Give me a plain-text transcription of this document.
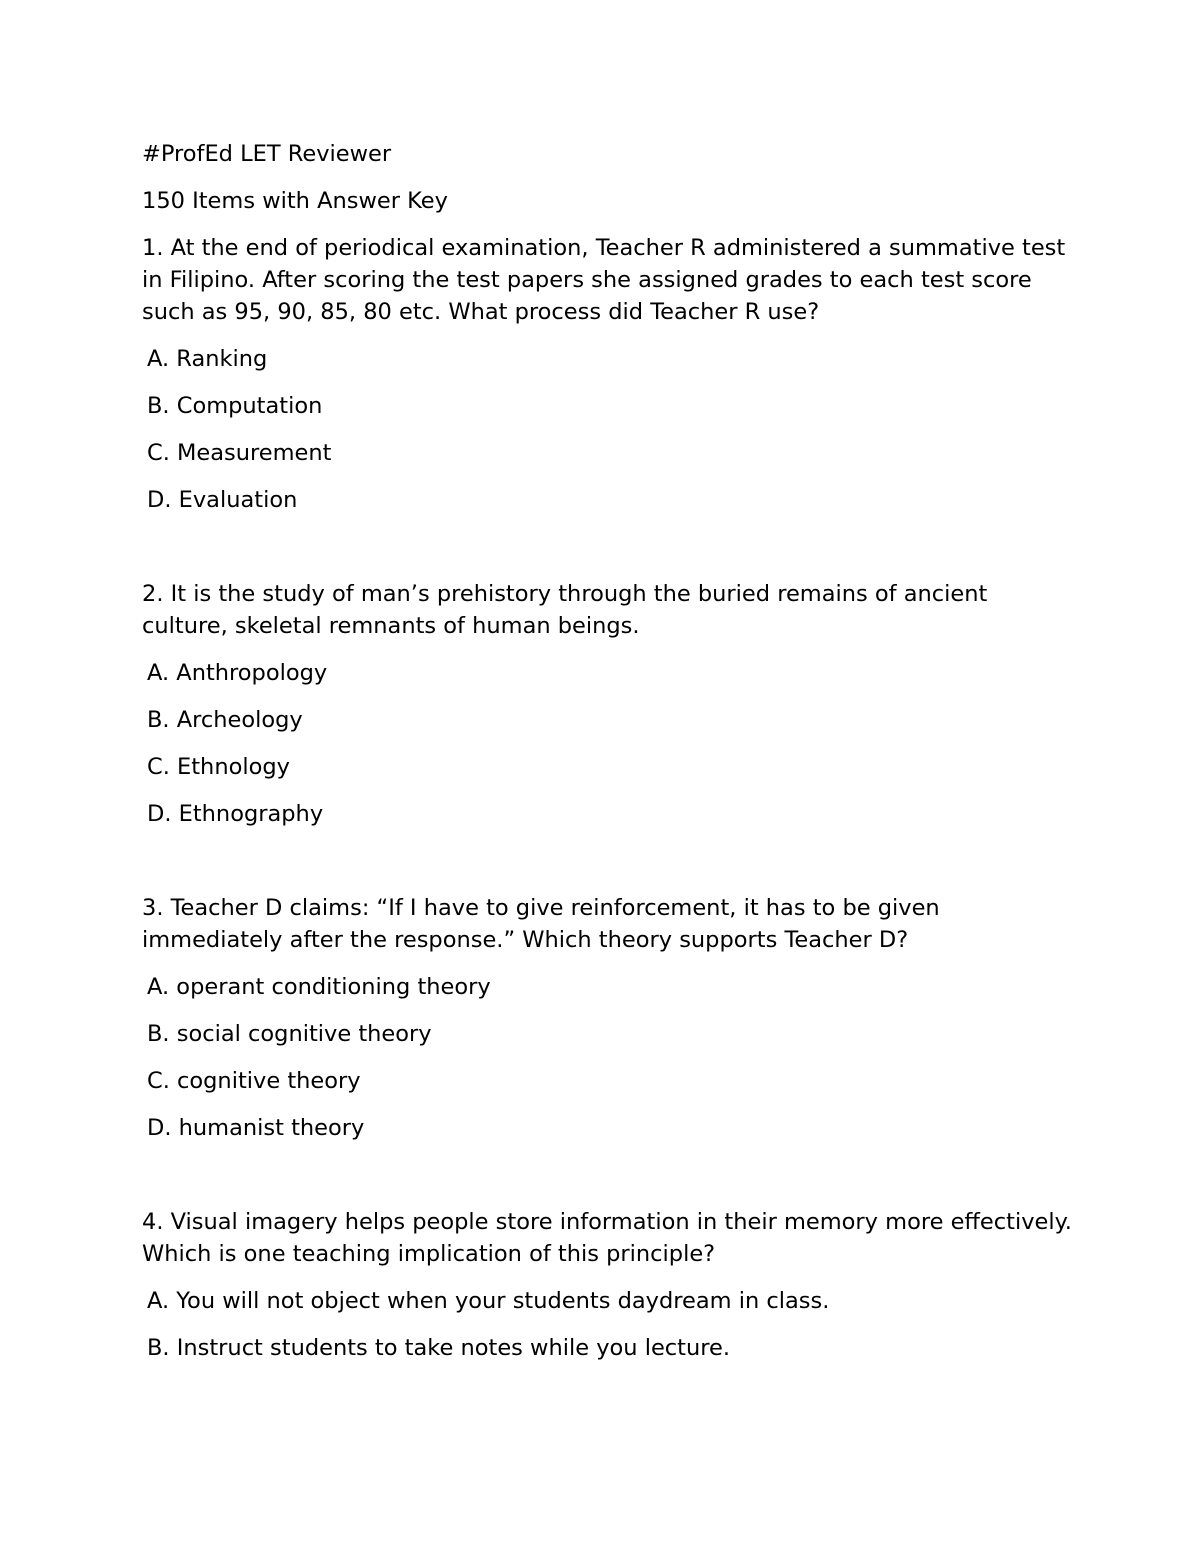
#ProfEd LET Reviewer

150 Items with Answer Key

1. At the end of periodical examination, Teacher R administered a summative test in Filipino. After scoring the test papers she assigned grades to each test score such as 95, 90, 85, 80 etc. What process did Teacher R use?

A. Ranking

B. Computation

C. Measurement

D. Evaluation

2. It is the study of man’s prehistory through the buried remains of ancient culture, skeletal remnants of human beings.

A. Anthropology

B. Archeology

C. Ethnology

D. Ethnography

3. Teacher D claims: “If I have to give reinforcement, it has to be given immediately after the response.” Which theory supports Teacher D?

A. operant conditioning theory

B. social cognitive theory

C. cognitive theory

D. humanist theory

4. Visual imagery helps people store information in their memory more effectively. Which is one teaching implication of this principle?

A. You will not object when your students daydream in class.

B. Instruct students to take notes while you lecture.
